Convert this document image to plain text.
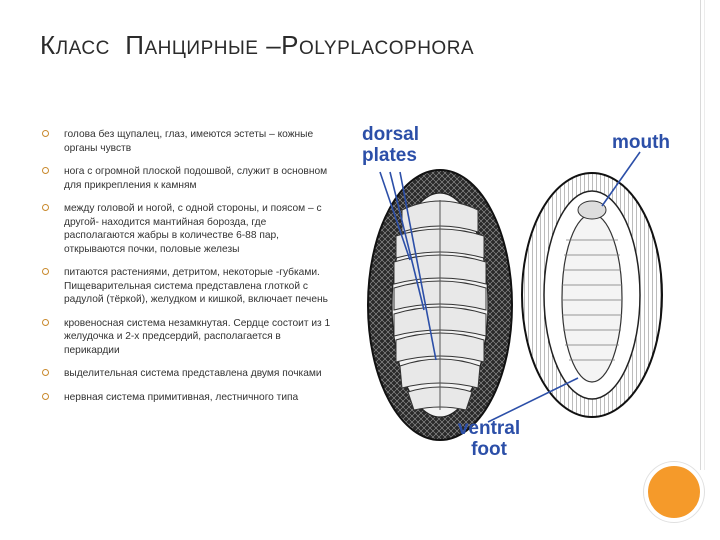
КЛАСС ПАНЦИРНЫЕ –POLYPLACOPHORA
голова без щупалец, глаз, имеются эстеты – кожные органы чувств
нога с огромной плоской подошвой, служит в основном для прикрепления к камням
между головой и ногой, с одной стороны, и поясом – с другой- находится мантийная борозда, где располагаются жабры в количестве 6-88 пар, открываются почки, половые железы
питаются растениями, детритом, некоторые -губками. Пищеварительная система представлена глоткой с радулой (тёркой), желудком и кишкой, включает печень
кровеносная система незамкнутая. Сердце состоит из 1 желудочка и 2-х предсердий, располагается в перикардии
выделительная система представлена двумя почками
нервная система примитивная, лестничного типа
dorsal
plates
mouth
ventral
foot
